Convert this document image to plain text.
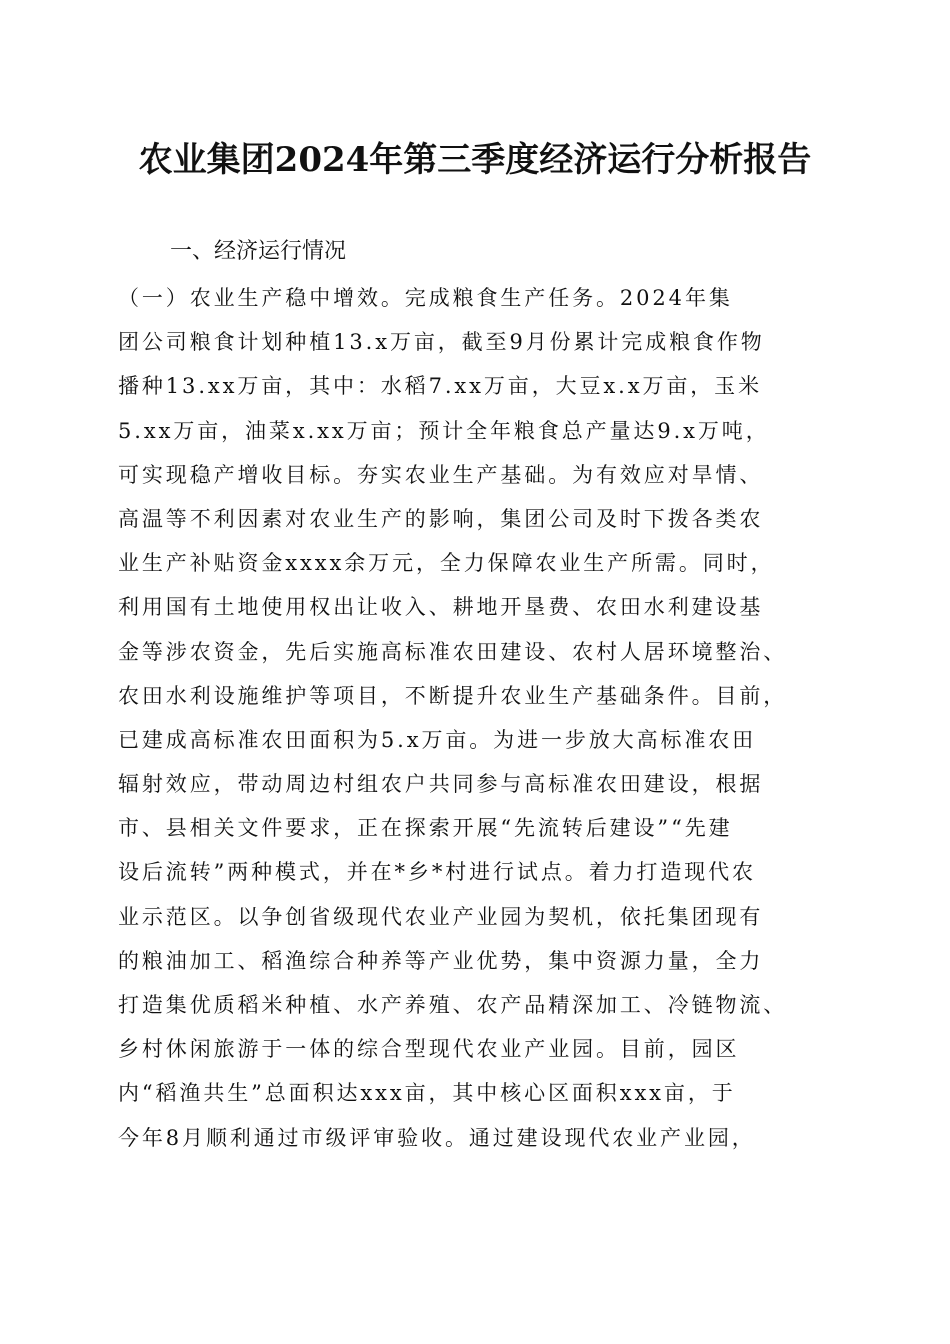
农业集团2024年第三季度经济运行分析报告
一、经济运行情况
（一）农业生产稳中增效。完成粮食生产任务。2024年集
团公司粮食计划种植13.x万亩，截至9月份累计完成粮食作物
播种13.xx万亩，其中：水稻7.xx万亩，大豆x.x万亩，玉米
5.xx万亩，油菜x.xx万亩；预计全年粮食总产量达9.x万吨，
可实现稳产增收目标。夯实农业生产基础。为有效应对旱情、
高温等不利因素对农业生产的影响，集团公司及时下拨各类农
业生产补贴资金xxxx余万元，全力保障农业生产所需。同时，
利用国有土地使用权出让收入、耕地开垦费、农田水利建设基
金等涉农资金，先后实施高标准农田建设、农村人居环境整治、
农田水利设施维护等项目，不断提升农业生产基础条件。目前，
已建成高标准农田面积为5.x万亩。为进一步放大高标准农田
辐射效应，带动周边村组农户共同参与高标准农田建设，根据
市、县相关文件要求，正在探索开展“先流转后建设”“先建
设后流转”两种模式，并在*乡*村进行试点。着力打造现代农
业示范区。以争创省级现代农业产业园为契机，依托集团现有
的粮油加工、稻渔综合种养等产业优势，集中资源力量，全力
打造集优质稻米种植、水产养殖、农产品精深加工、冷链物流、
乡村休闲旅游于一体的综合型现代农业产业园。目前，园区
内“稻渔共生”总面积达xxx亩，其中核心区面积xxx亩，于
今年8月顺利通过市级评审验收。通过建设现代农业产业园，
